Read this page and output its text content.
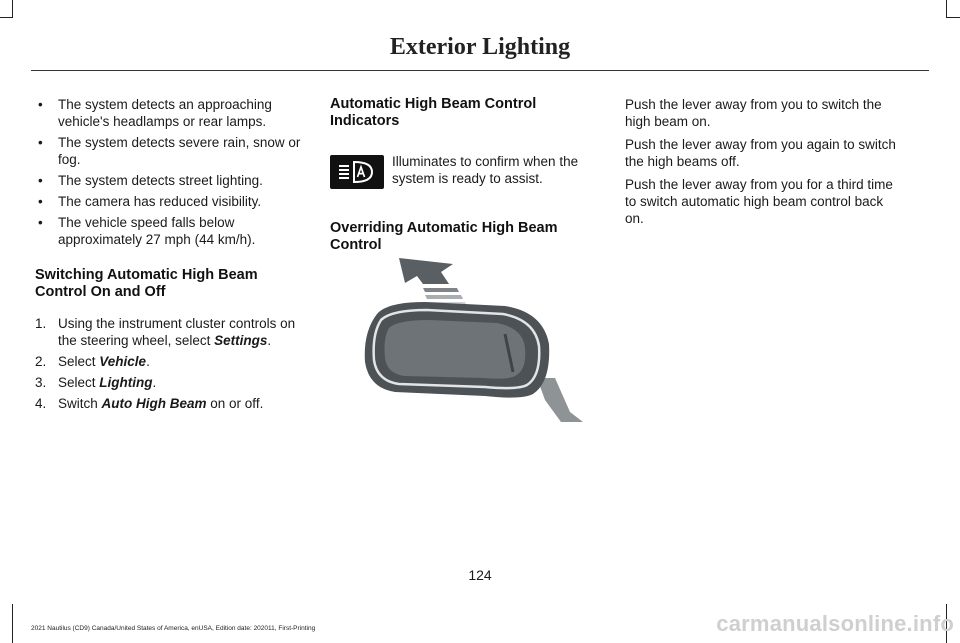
Exterior Lighting
• The system detects an approaching vehicle's headlamps or rear lamps.
• The system detects severe rain, snow or fog.
• The system detects street lighting.
• The camera has reduced visibility.
• The vehicle speed falls below approximately 27 mph (44 km/h).
Switching Automatic High Beam Control On and Off
1. Using the instrument cluster controls on the steering wheel, select Settings.
2. Select Vehicle.
3. Select Lighting.
4. Switch Auto High Beam on or off.
Automatic High Beam Control Indicators
Illuminates to confirm when the system is ready to assist.
Overriding Automatic High Beam Control

Push the lever away from you to switch the high beam on.

Push the lever away from you again to switch the high beams off.

Push the lever away from you for a third time to switch automatic high beam control back on.

124
2021 Nautilus (CD9) Canada/United States of America, enUSA, Edition date: 202011, First-Printing	carmanualsonline.info
